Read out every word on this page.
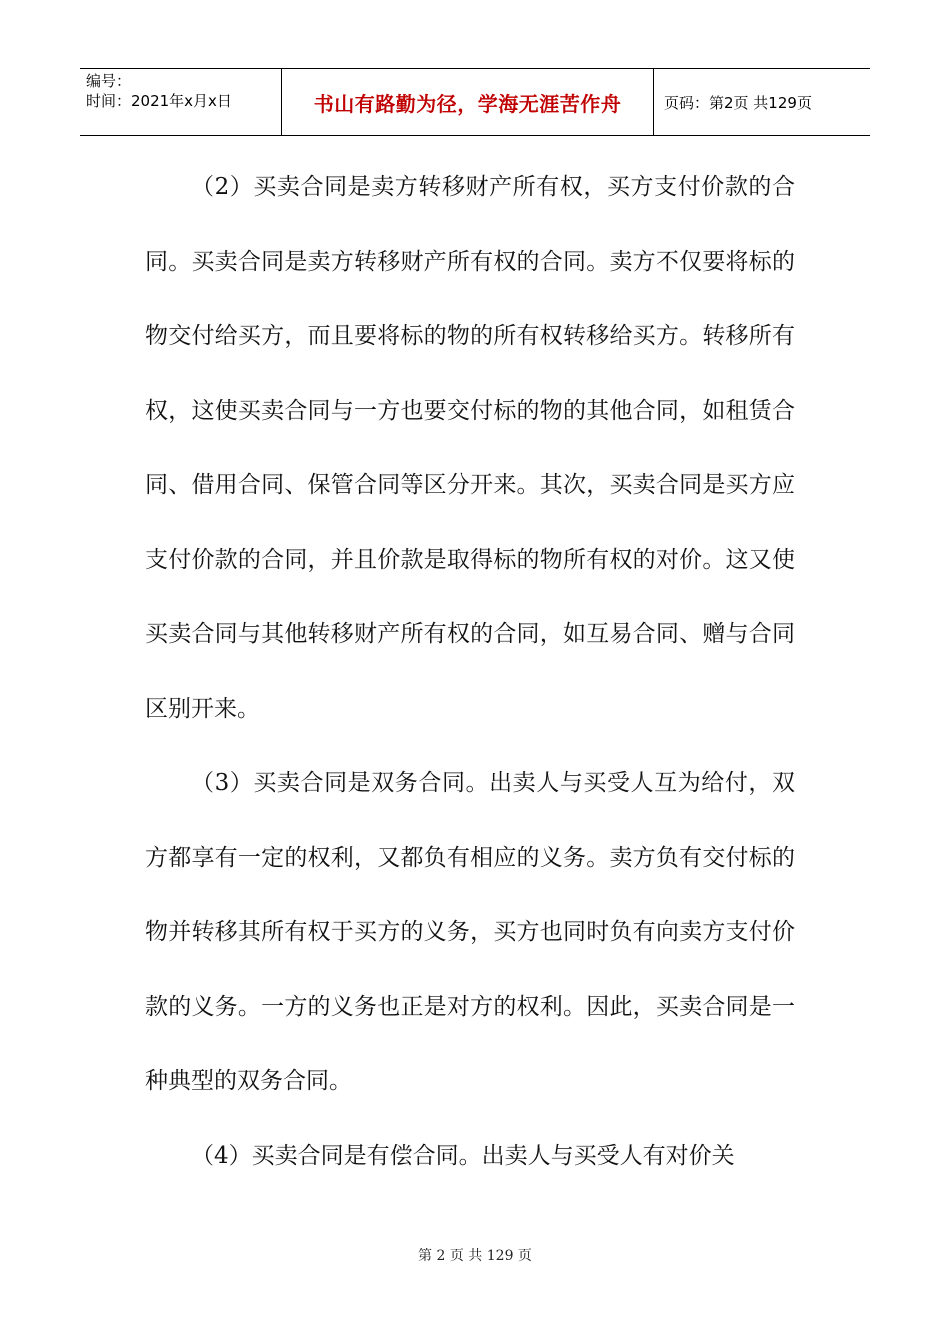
编号：
时间：2021年x月x日	书山有路勤为径，学海无涯苦作舟	页码：第2页 共129页

（2）买卖合同是卖方转移财产所有权，买方支付价款的合同。买卖合同是卖方转移财产所有权的合同。卖方不仅要将标的物交付给买方，而且要将标的物的所有权转移给买方。转移所有权，这使买卖合同与一方也要交付标的物的其他合同，如租赁合同、借用合同、保管合同等区分开来。其次，买卖合同是买方应支付价款的合同，并且价款是取得标的物所有权的对价。这又使买卖合同与其他转移财产所有权的合同，如互易合同、赠与合同区别开来。

（3）买卖合同是双务合同。出卖人与买受人互为给付，双方都享有一定的权利，又都负有相应的义务。卖方负有交付标的物并转移其所有权于买方的义务，买方也同时负有向卖方支付价款的义务。一方的义务也正是对方的权利。因此，买卖合同是一种典型的双务合同。

（4）买卖合同是有偿合同。出卖人与买受人有对价关

第 2 页 共 129 页
